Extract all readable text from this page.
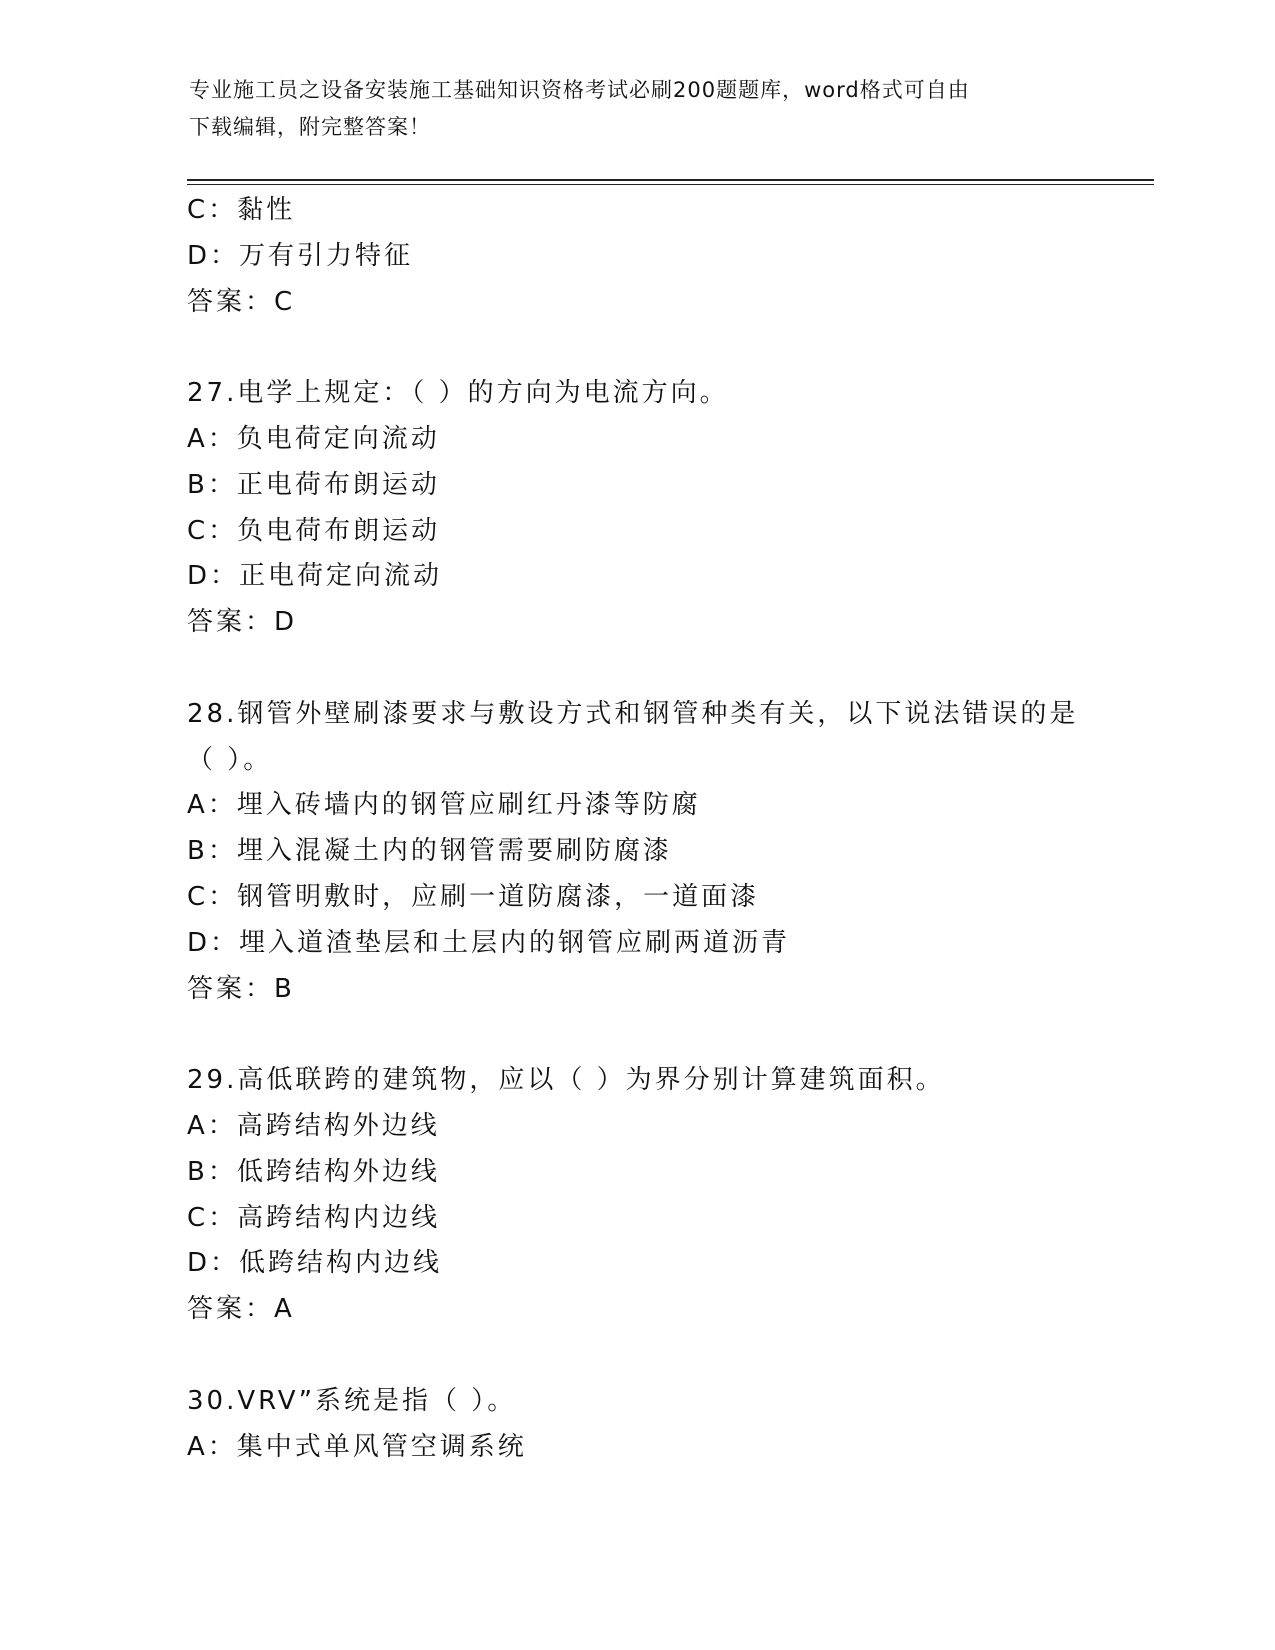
专业施工员之设备安装施工基础知识资格考试必刷200题题库，word格式可自由
下载编辑，附完整答案！
C：黏性
D：万有引力特征
答案：C
27.电学上规定：（ ）的方向为电流方向。
A：负电荷定向流动
B：正电荷布朗运动
C：负电荷布朗运动
D：正电荷定向流动
答案：D
28.钢管外壁刷漆要求与敷设方式和钢管种类有关，以下说法错误的是
（ ）。
A：埋入砖墙内的钢管应刷红丹漆等防腐
B：埋入混凝土内的钢管需要刷防腐漆
C：钢管明敷时，应刷一道防腐漆，一道面漆
D：埋入道渣垫层和土层内的钢管应刷两道沥青
答案：B
29.高低联跨的建筑物，应以（ ）为界分别计算建筑面积。
A：高跨结构外边线
B：低跨结构外边线
C：高跨结构内边线
D：低跨结构内边线
答案：A
30.VRV”系统是指（ ）。
A：集中式单风管空调系统
